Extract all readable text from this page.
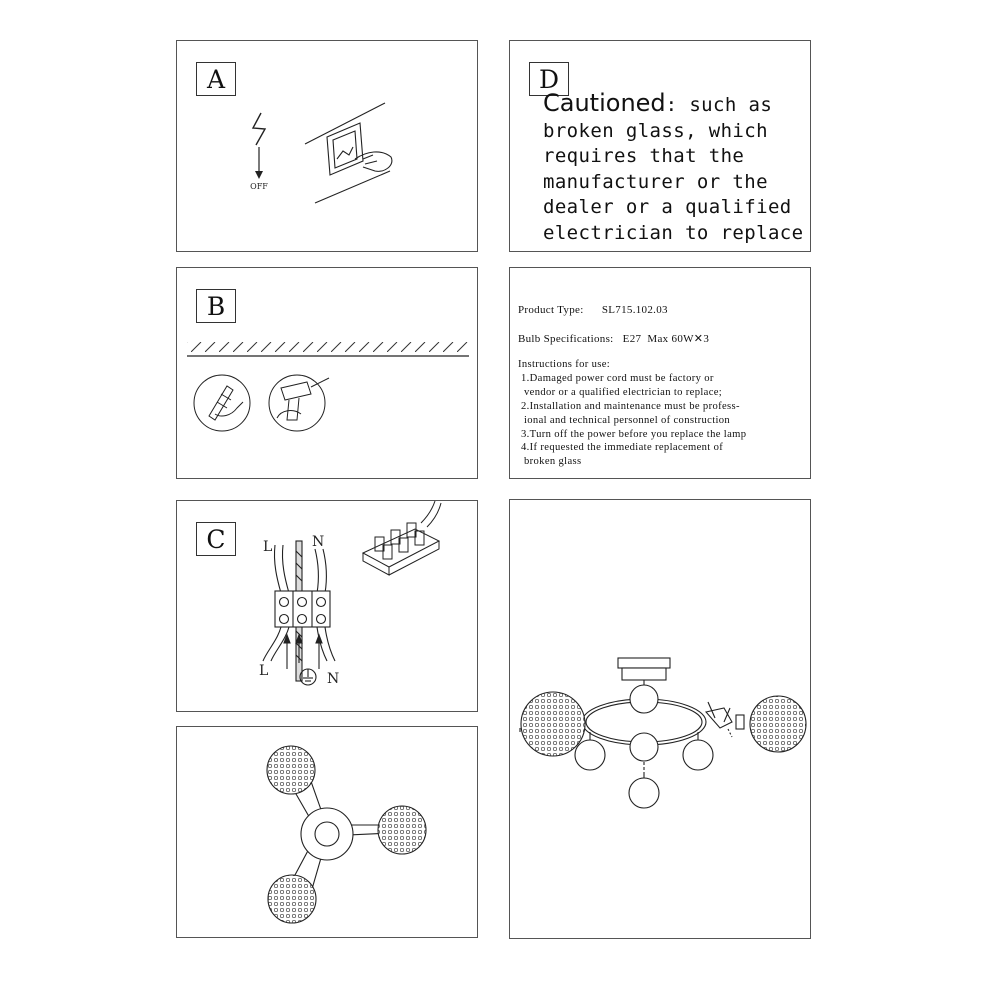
A
OFF
D
Cautioned: such as
broken glass, which
requires that the
manufacturer or the
dealer or a qualified
electrician to replace
B	Product Type: SL715.102.03
Bulb Specifications: E27 Max 60W✕3
Instructions for use:
1.Damaged power cord must be factory or
vendor or a qualified electrician to replace;
2.Installation and maintenance must be profess-
ional and technical personnel of construction
3.Turn off the power before you replace the lamp
4.If requested the immediate replacement of
broken glass
C	L	N
L	N
